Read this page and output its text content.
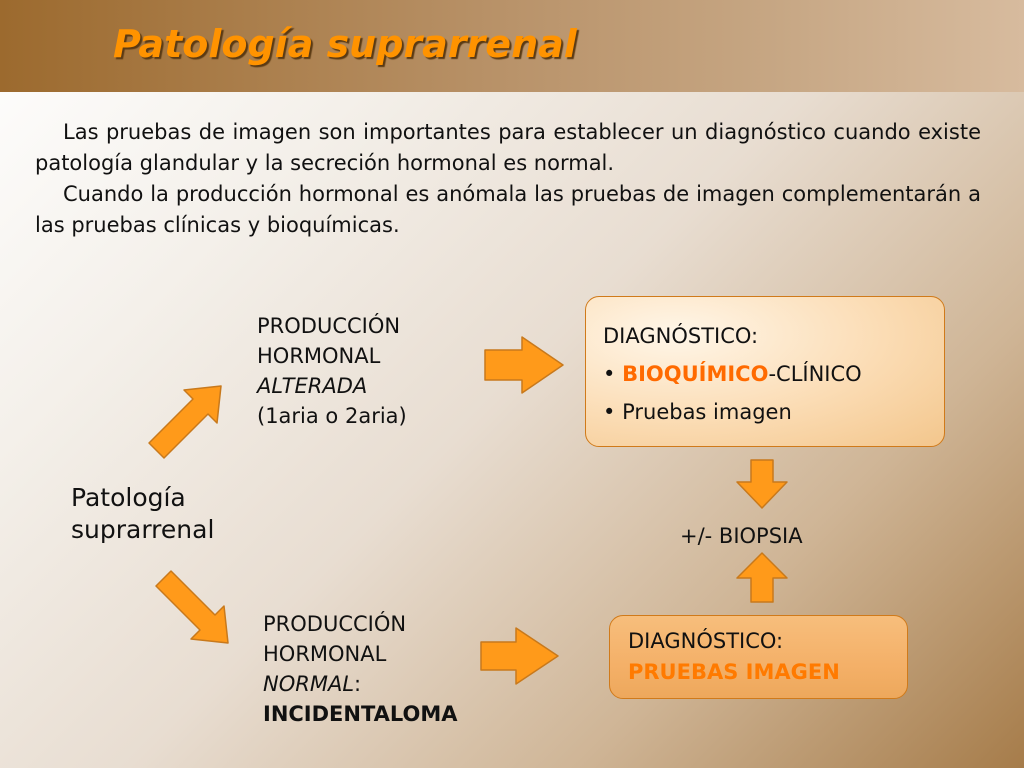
Patología suprarrenal

Las pruebas de imagen son importantes para establecer un diagnóstico cuando existe patología glandular y la secreción hormonal es normal.

Cuando la producción hormonal es anómala las pruebas de imagen complementarán a las pruebas clínicas y bioquímicas.

Patología
suprarrenal
PRODUCCIÓN
HORMONAL
ALTERADA
(1aria o 2aria)
PRODUCCIÓN
HORMONAL
NORMAL:
INCIDENTALOMA
DIAGNÓSTICO:
• BIOQUÍMICO-CLÍNICO
• Pruebas imagen
+/- BIOPSIA
DIAGNÓSTICO:
PRUEBAS IMAGEN
